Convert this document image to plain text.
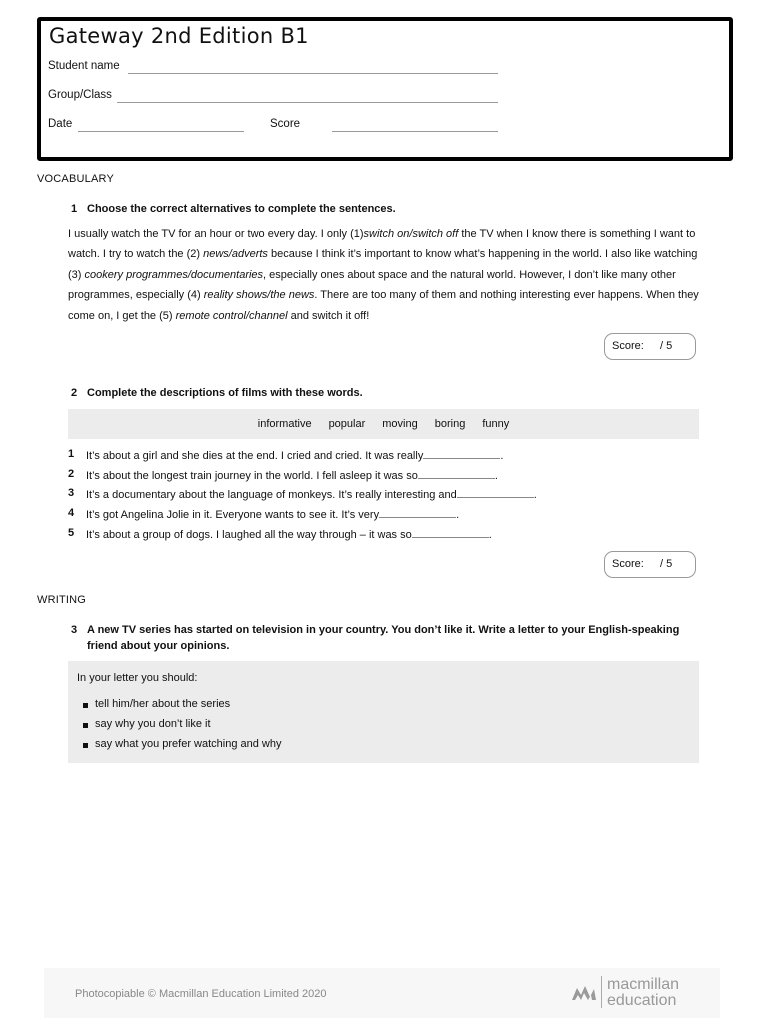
Gateway 2nd Edition B1
Student name
Group/Class
Date	Score
VOCABULARY
1 Choose the correct alternatives to complete the sentences.
I usually watch the TV for an hour or two every day. I only (1)switch on/switch off the TV when I know there is something I want to watch. I try to watch the (2) news/adverts because I think it’s important to know what’s happening in the world. I also like watching (3) cookery programmes/documentaries, especially ones about space and the natural world. However, I don’t like many other programmes, especially (4) reality shows/the news. There are too many of them and nothing interesting ever happens. When they come on, I get the (5) remote control/channel and switch it off!
Score: / 5
2 Complete the descriptions of films with these words.
informative popular moving boring funny
1 It’s about a girl and she dies at the end. I cried and cried. It was really	.
2 It’s about the longest train journey in the world. I fell asleep it was so	.
3 It’s a documentary about the language of monkeys. It’s really interesting and	.
4 It’s got Angelina Jolie in it. Everyone wants to see it. It’s very	.
5 It’s about a group of dogs. I laughed all the way through – it was so	.
Score: / 5
WRITING
3 A new TV series has started on television in your country. You don’t like it. Write a letter to your English-speaking
friend about your opinions.
In your letter you should:
tell him/her about the series
say why you don’t like it
say what you prefer watching and why
Photocopiable © Macmillan Education Limited 2020
macmillan
education
